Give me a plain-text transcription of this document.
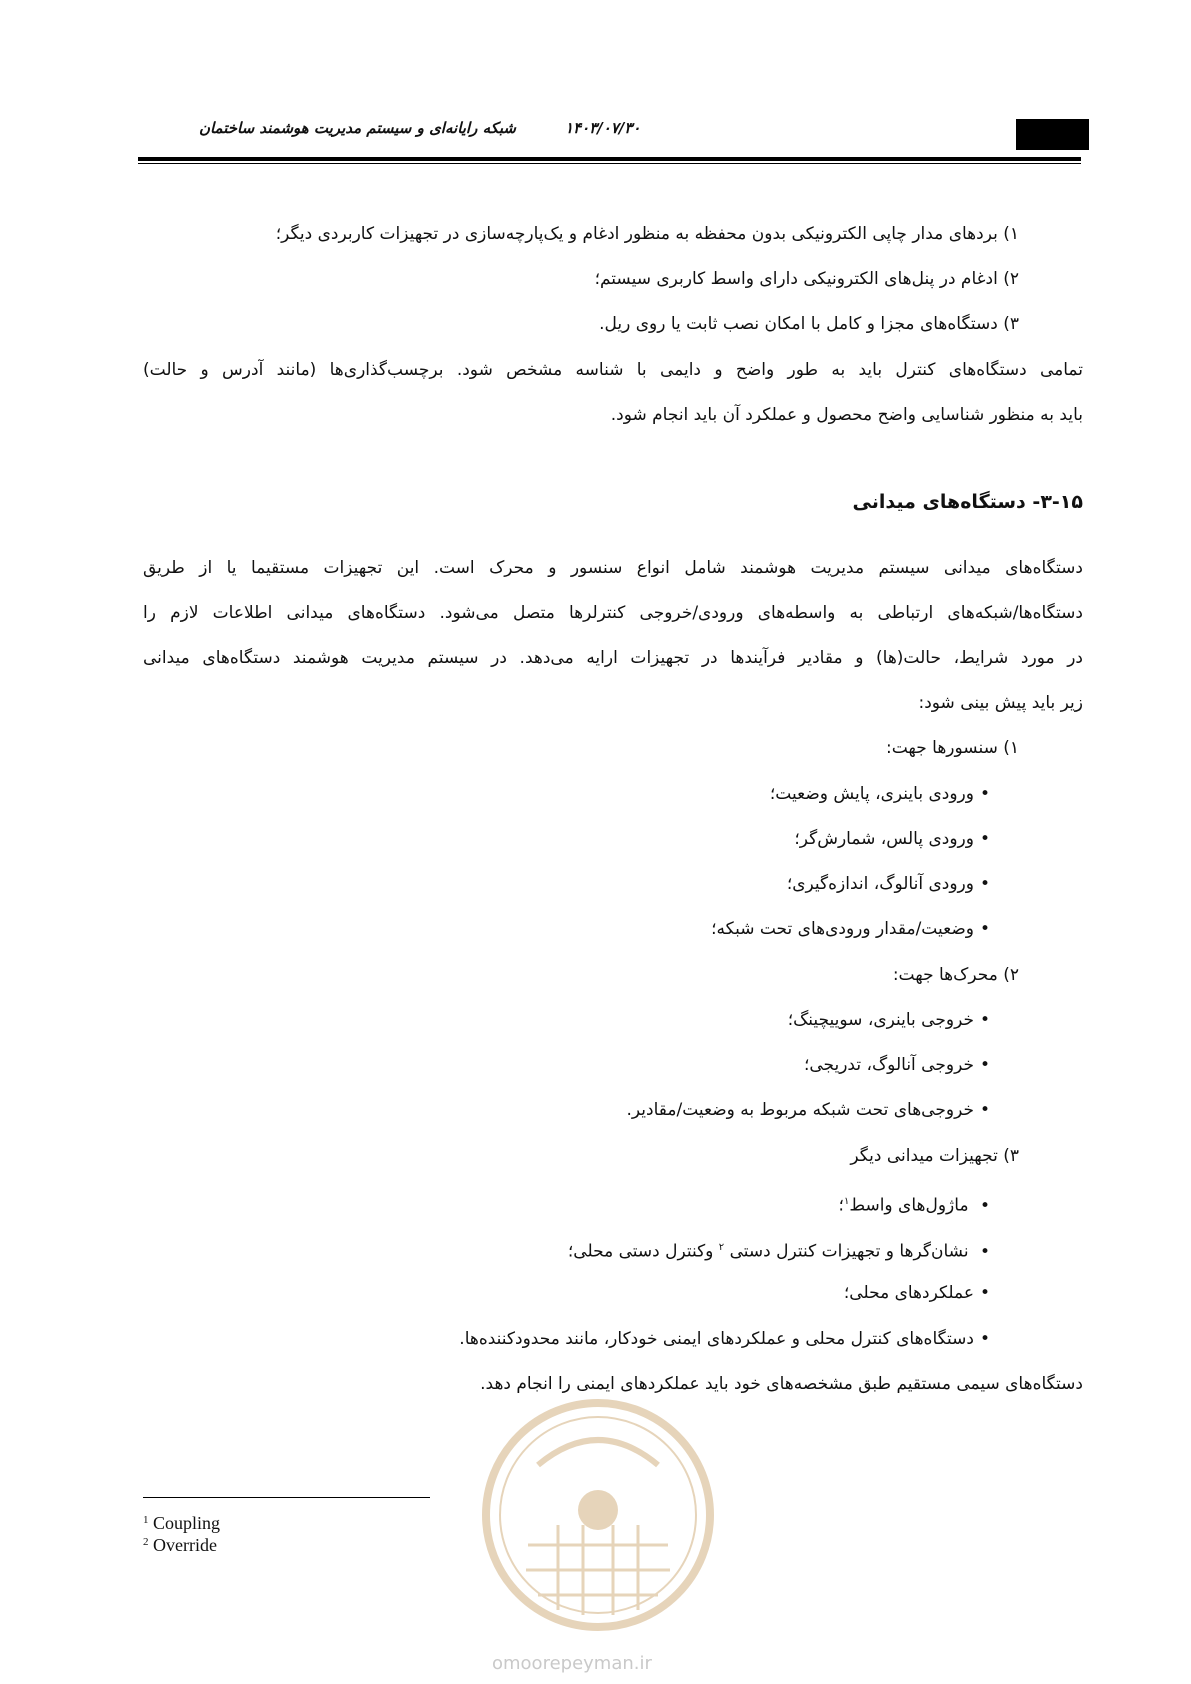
شبکه رایانه‌ای و سیستم مدیریت هوشمند ساختمان	۱۴۰۳/۰۷/۳۰
۱) بردهای مدار چاپی الکترونیکی بدون محفظه به منظور ادغام و یک‌پارچه‌سازی در تجهیزات کاربردی دیگر؛
۲) ادغام در پنل‌های الکترونیکی دارای واسط کاربری سیستم؛
۳) دستگاه‌های مجزا و کامل با امکان نصب ثابت یا روی ریل.
تمامی دستگاه‌های کنترل باید به طور واضح و دایمی با شناسه مشخص شود. برچسب‌گذاری‌ها (مانند آدرس و حالت)
باید به منظور شناسایی واضح محصول و عملکرد آن باید انجام شود.
۳-۱۵- دستگاه‌های میدانی
دستگاه‌های میدانی سیستم مدیریت هوشمند شامل انواع سنسور و محرک است. این تجهیزات مستقیما یا از طریق
دستگاه‌ها/شبکه‌های ارتباطی به واسطه‌های ورودی/خروجی کنترلرها متصل می‌شود. دستگاه‌های میدانی اطلاعات لازم را
در مورد شرایط، حالت(ها) و مقادیر فرآیندها در تجهیزات ارایه می‌دهد. در سیستم مدیریت هوشمند دستگاه‌های میدانی
زیر باید پیش بینی شود:
۱) سنسورها جهت:
• ورودی باینری، پایش وضعیت؛
• ورودی پالس، شمارش‌گر؛
• ورودی آنالوگ، اندازه‌گیری؛
• وضعیت/مقدار ورودی‌های تحت شبکه؛
۲) محرک‌ها جهت:
• خروجی باینری، سوییچینگ؛
• خروجی آنالوگ، تدریجی؛
• خروجی‌های تحت شبکه مربوط به وضعیت/مقادیر.
۳) تجهیزات میدانی دیگر
• ماژول‌های واسط$^۱$؛
• نشان‌گرها و تجهیزات کنترل دستی $^۲$ وکنترل دستی محلی؛
• عملکردهای محلی؛
• دستگاه‌های کنترل محلی و عملکردهای ایمنی خودکار، مانند محدودکننده‌ها.
دستگاه‌های سیمی مستقیم طبق مشخصه‌های خود باید عملکردهای ایمنی را انجام دهد.
$^1$ Coupling
$^2$ Override
omoorepeyman.ir
